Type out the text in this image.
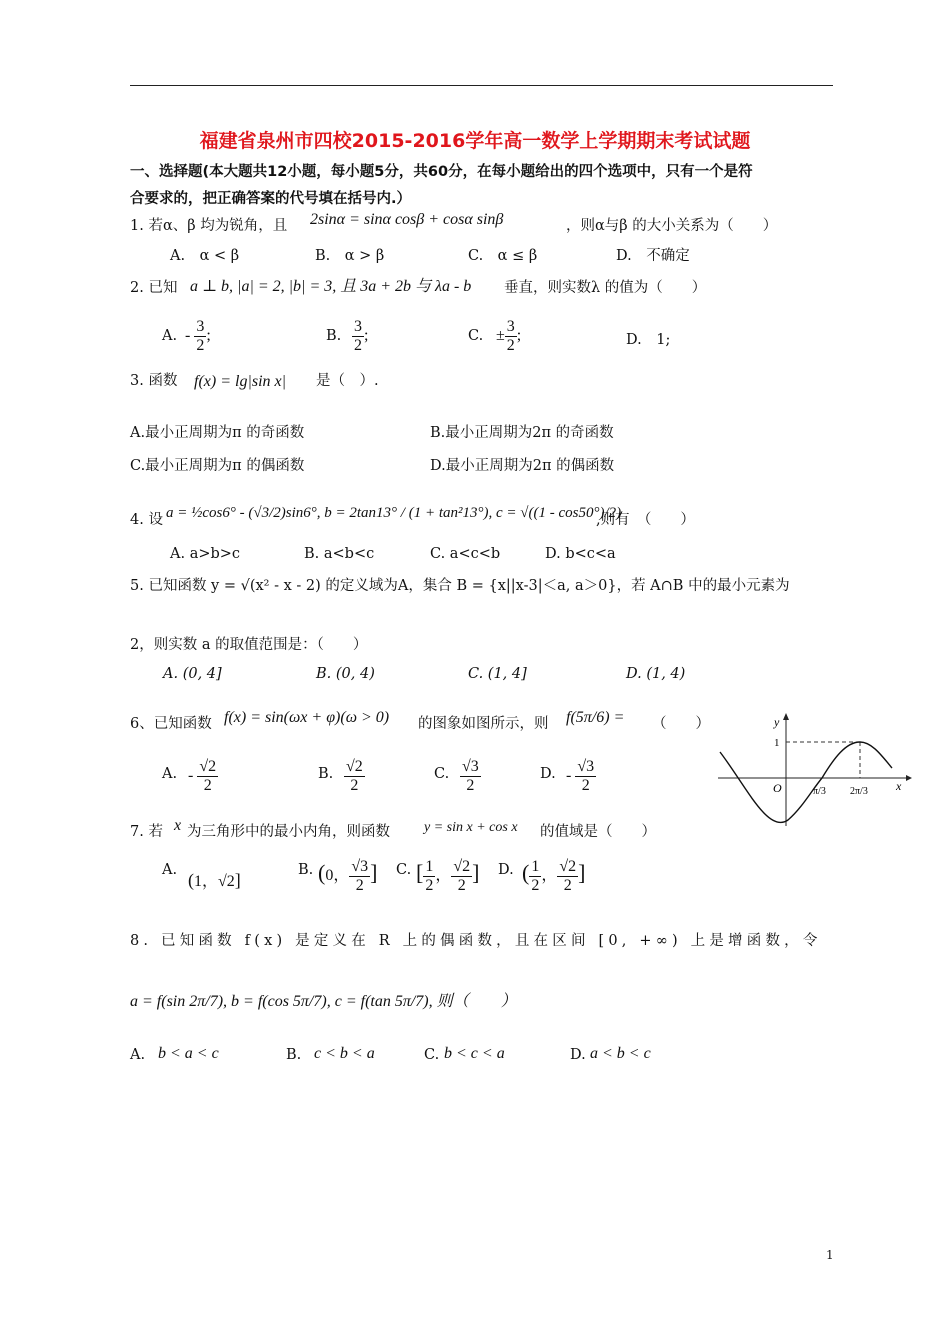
福建省泉州市四校2015-2016学年高一数学上学期期末考试试题
一、选择题(本大题共12小题，每小题5分，共60分，在每小题给出的四个选项中，只有一个是符
合要求的，把正确答案的代号填在括号内.）
1. 若α、β 均为锐角，且 2sinα = sinα cosβ + cosα sinβ	，则α与β 的大小关系为（　　）
A.　α < β	B.　α > β	C.　α ≤ β	D.　不确定
2. 已知 a ⊥ b, |a| = 2, |b| = 3, 且 3a + 2b 与 λa - b 垂直，则实数λ 的值为（　　）
A. - $\frac{3}{2}$ ;	B. $\frac{3}{2}$ ;	C. ± $\frac{3}{2}$ ;	D.　1;
3. 函数 f(x) = lg|sin x| 是（　）.
A.最小正周期为π 的奇函数	B.最小正周期为2π 的奇函数
C.最小正周期为π 的偶函数	D.最小正周期为2π 的偶函数
4. 设 a = ½cos6° - (√3/2)sin6°, b = 2tan13° / (1 + tan²13°), c = √((1 - cos50°)/2)
,则有　（　　）
A. a>b>c	B. a<b<c	C. a<c<b	D. b<c<a
5. 已知函数 y = √(x² - x - 2) 的定义域为A，集合 B = {x||x-3|＜a, a＞0}，若 A∩B 中的最小元素为
2，则实数 a 的取值范围是：（　　）
A. (0, 4]	B. (0, 4)	C. (1, 4]	D. (1, 4)
6、已知函数 f(x) = sin(ωx + φ)(ω > 0) 的图象如图所示，则 f(5π/6) = （　　）	y
x
O
1
π/3 2π/3
A. - $\frac{√2}{2}$	B. $\frac{√2}{2}$	C. $\frac{√3}{2}$	D. - $\frac{√3}{2}$
7. 若 x 为三角形中的最小内角，则函数 y = sin x + cos x 的值域是（　　）
A. (1，√2]	B. (0， $\frac{√3}{2}$ ] C. [ $\frac{1}{2}$ ， $\frac{√2}{2}$ ] D. ( $\frac{1}{2}$ ， $\frac{√2}{2}$ ]
8. 已知函数 f(x) 是定义在 R 上的偶函数，且在区间 [0, +∞) 上是增函数，令
a = f(sin 2π/7), b = f(cos 5π/7), c = f(tan 5π/7), 则（　　）
A. b < a < c	B. c < b < a	C. b < c < a	D. a < b < c
1
